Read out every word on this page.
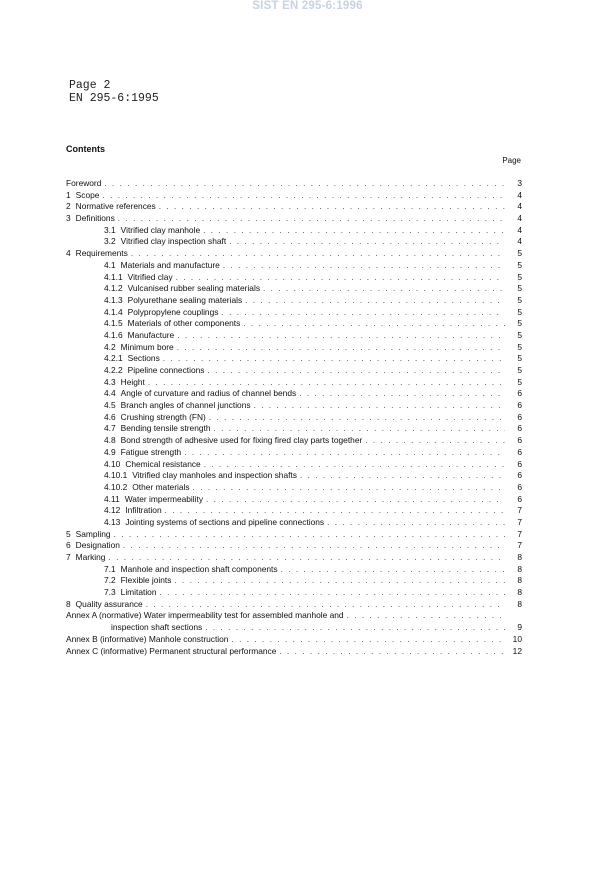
SIST EN 295-6:1996
Page 2
EN 295-6:1995
Contents
Page
Foreword . . .	3
1 Scope . . .	4
2 Normative references . . .	4
3 Definitions . . .	4
3.1 Vitrified clay manhole . . .	4
3.2 Vitrified clay inspection shaft . . .	4
4 Requirements . . .	5
4.1 Materials and manufacture . . .	5
4.1.1 Vitrified clay . . .	5
4.1.2 Vulcanised rubber sealing materials . . .	5
4.1.3 Polyurethane sealing materials . . .	5
4.1.4 Polypropylene couplings . . .	5
4.1.5 Materials of other components . . .	5
4.1.6 Manufacture . . .	5
4.2 Minimum bore . . .	5
4.2.1 Sections . . .	5
4.2.2 Pipeline connections . . .	5
4.3 Height . . .	5
4.4 Angle of curvature and radius of channel bends . . .	6
4.5 Branch angles of channel junctions . . .	6
4.6 Crushing strength (FN) . . .	6
4.7 Bending tensile strength . . .	6
4.8 Bond strength of adhesive used for fixing fired clay parts together . . .	6
4.9 Fatigue strength . . .	6
4.10 Chemical resistance . . .	6
4.10.1 Vitrified clay manholes and inspection shafts . . .	6
4.10.2 Other materials . . .	6
4.11 Water impermeability . . .	6
4.12 Infiltration . . .	7
4.13 Jointing systems of sections and pipeline connections . . .	7
5 Sampling . . .	7
6 Designation . . .	7
7 Marking . . .	8
7.1 Manhole and inspection shaft components . . .	8
7.2 Flexible joints . . .	8
7.3 Limitation . . .	8
8 Quality assurance . . .	8
Annex A (normative) Water impermeability test for assembled manhole and
. . .
inspection shaft sections . . .	9
Annex B (informative) Manhole construction . . .	10
Annex C (informative) Permanent structural performance . . .	12
